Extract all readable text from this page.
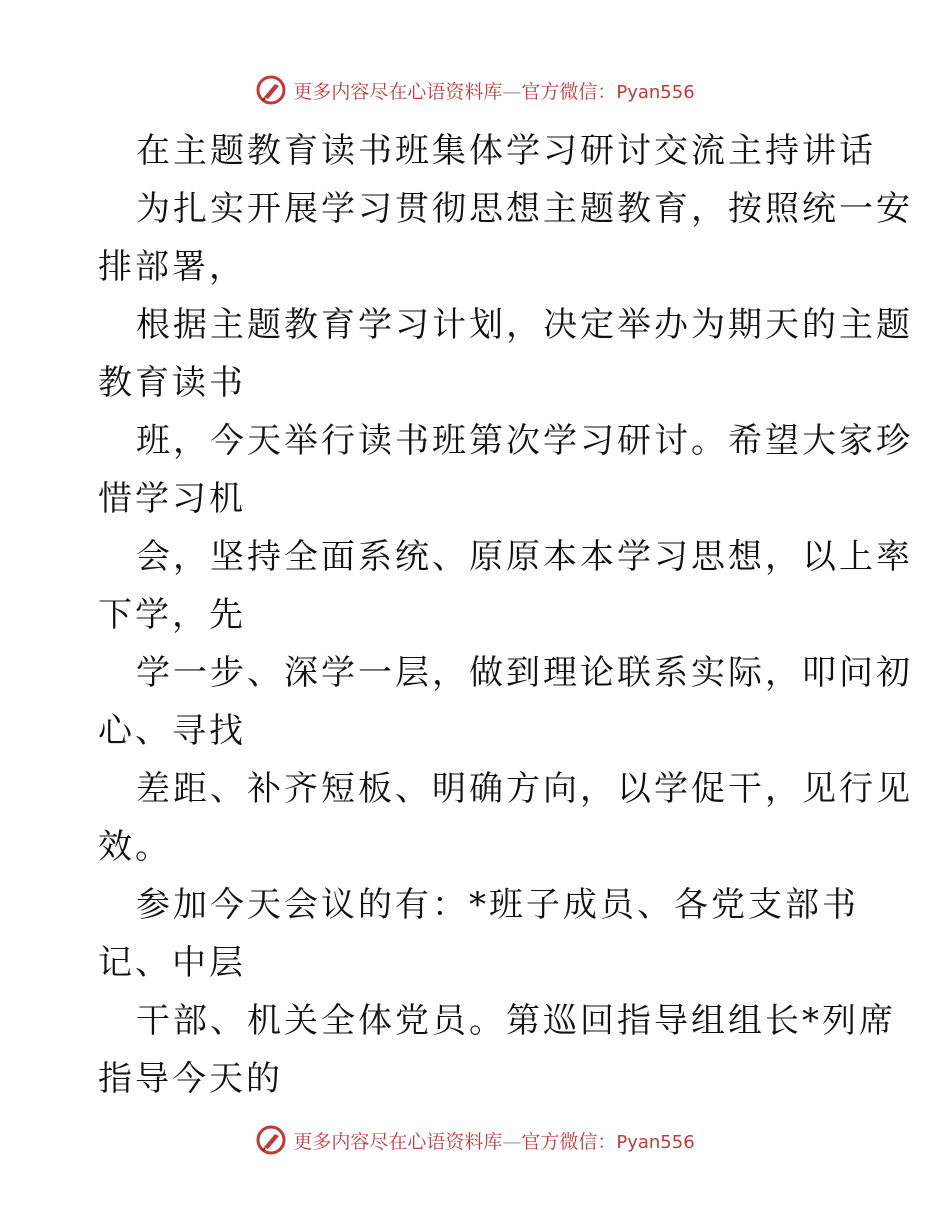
更多内容尽在心语资料库—官方微信：Pyan556
在主题教育读书班集体学习研讨交流主持讲话
为扎实开展学习贯彻思想主题教育，按照统一安
排部署，
根据主题教育学习计划，决定举办为期天的主题
教育读书
班，今天举行读书班第次学习研讨。希望大家珍
惜学习机
会，坚持全面系统、原原本本学习思想，以上率
下学，先
学一步、深学一层，做到理论联系实际，叩问初
心、寻找
差距、补齐短板、明确方向，以学促干，见行见
效。
参加今天会议的有：*班子成员、各党支部书
记、中层
干部、机关全体党员。第巡回指导组组长*列席
指导今天的
更多内容尽在心语资料库—官方微信：Pyan556
